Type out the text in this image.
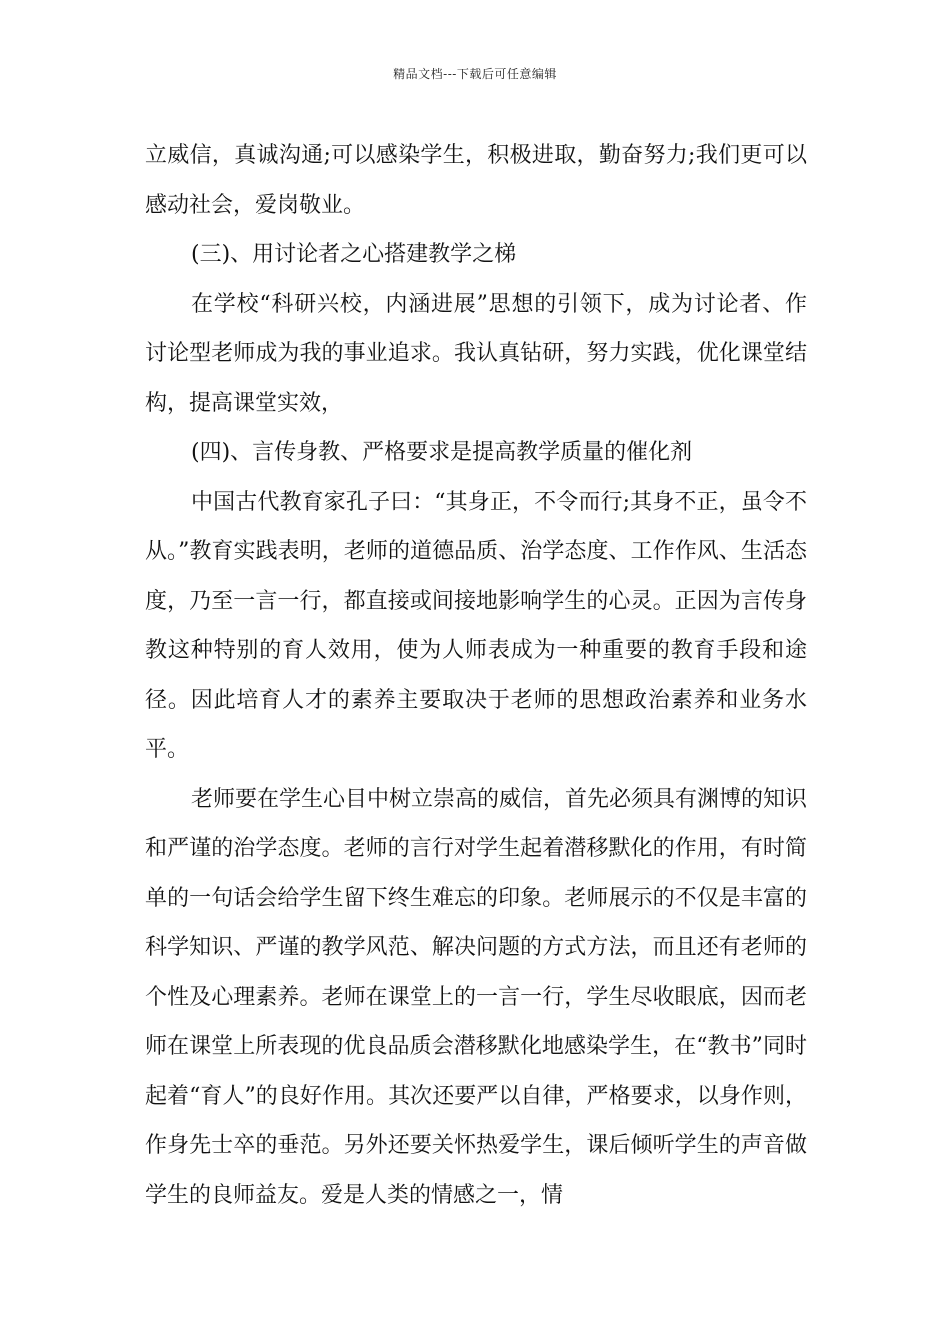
精品文档---下载后可任意编辑

立威信，真诚沟通;可以感染学生，积极进取，勤奋努力;我们更可以感动社会，爱岗敬业。

(三)、用讨论者之心搭建教学之梯

在学校“科研兴校，内涵进展”思想的引领下，成为讨论者、作讨论型老师成为我的事业追求。我认真钻研，努力实践，优化课堂结构，提高课堂实效，

(四)、言传身教、严格要求是提高教学质量的催化剂

中国古代教育家孔子曰：“其身正，不令而行;其身不正，虽令不从。”教育实践表明，老师的道德品质、治学态度、工作作风、生活态度，乃至一言一行，都直接或间接地影响学生的心灵。正因为言传身教这种特别的育人效用，使为人师表成为一种重要的教育手段和途径。因此培育人才的素养主要取决于老师的思想政治素养和业务水平。

老师要在学生心目中树立崇高的威信，首先必须具有渊博的知识和严谨的治学态度。老师的言行对学生起着潜移默化的作用，有时简单的一句话会给学生留下终生难忘的印象。老师展示的不仅是丰富的科学知识、严谨的教学风范、解决问题的方式方法，而且还有老师的个性及心理素养。老师在课堂上的一言一行，学生尽收眼底，因而老师在课堂上所表现的优良品质会潜移默化地感染学生，在“教书”同时起着“育人”的良好作用。其次还要严以自律，严格要求，以身作则，作身先士卒的垂范。另外还要关怀热爱学生，课后倾听学生的声音做学生的良师益友。爱是人类的情感之一，情
